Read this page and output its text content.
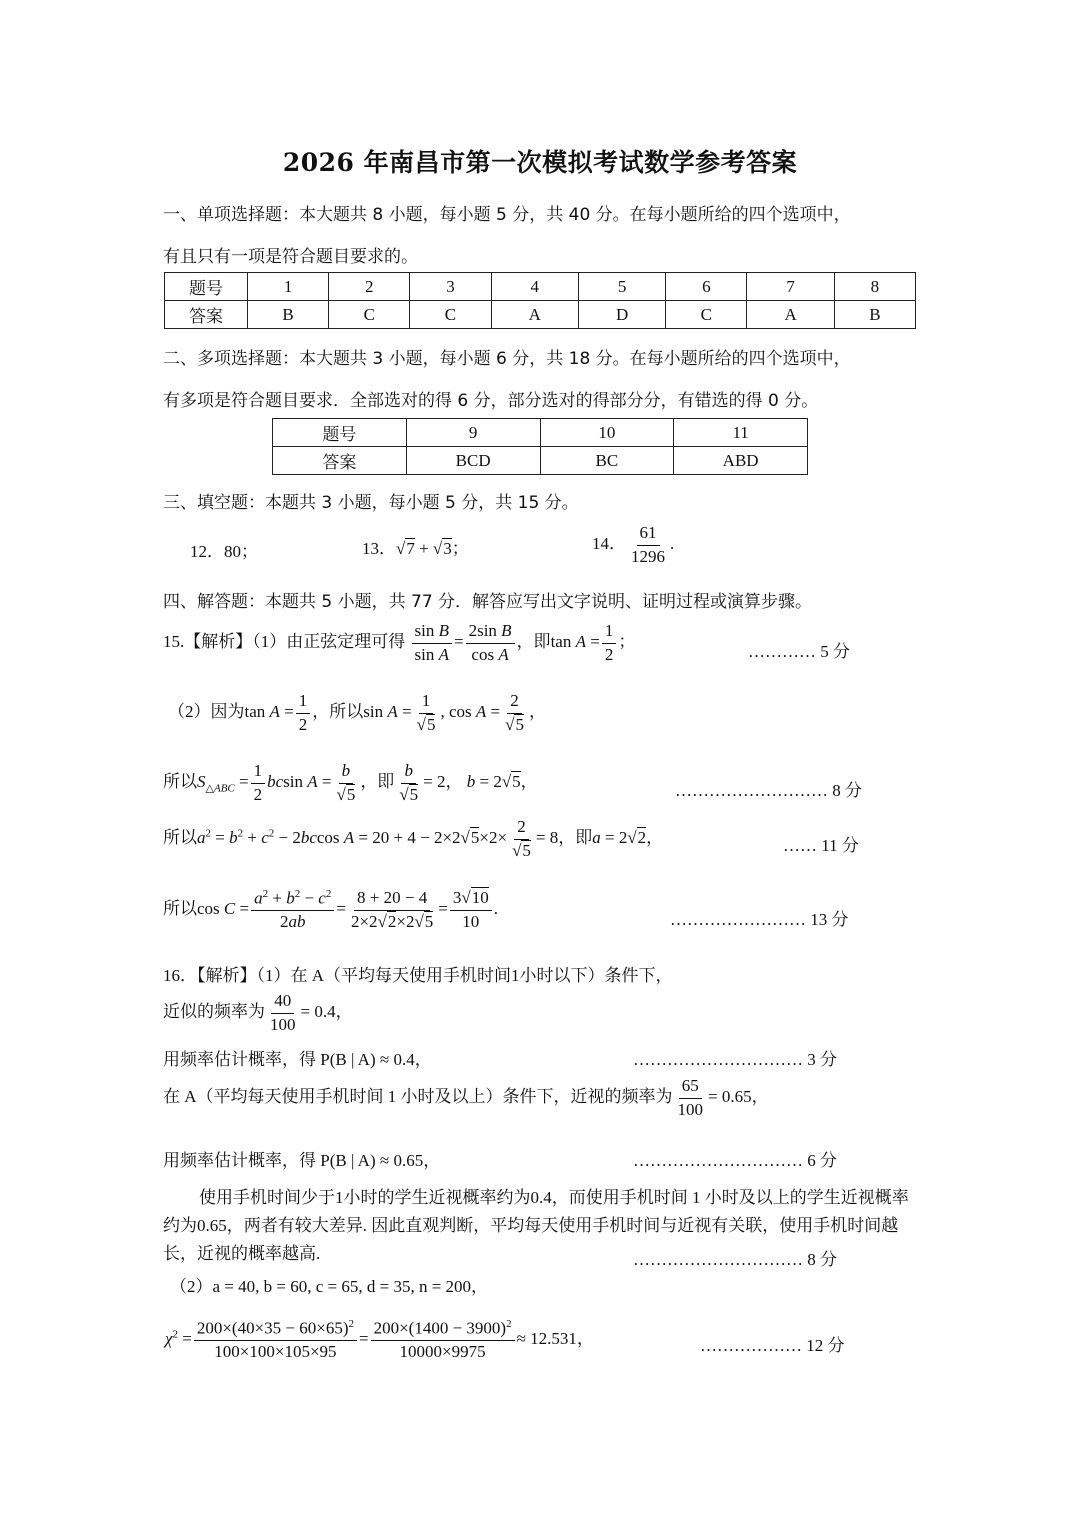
2026 年南昌市第一次模拟考试数学参考答案
一、单项选择题：本大题共 8 小题，每小题 5 分，共 40 分。在每小题所给的四个选项中，
有且只有一项是符合题目要求的。
题号	1	2	3	4	5	6	7	8
答案	B	C	C	A	D	C	A	B
二、多项选择题：本大题共 3 小题，每小题 6 分，共 18 分。在每小题所给的四个选项中，
有多项是符合题目要求．全部选对的得 6 分，部分选对的得部分分，有错选的得 0 分。
题号	9	10	11
答案	BCD	BC	ABD
三、填空题：本题共 3 小题，每小题 5 分，共 15 分。
12．80；	13．√7 + √3；	14． $\frac{61}{1296}$ .
四、解答题：本题共 5 小题，共 77 分．解答应写出文字说明、证明过程或演算步骤。
15.【解析】（1）由正弦定理可得 $\frac{\text{sin B}}{\text{sin A}} = \frac{\text{2sin B}}{\text{cos A}}$ ，即$\tan A = \frac{1}{2}$ ；
………… 5 分
（2）因为$\tan A = \frac{1}{2}$ ，所以$\sin A = \frac{1}{√5}$ , $\cos A = \frac{2}{√5}$ ，
所以$S_{\triangle ABC} = \frac{1}{2}$ bcsin $A = \frac{b}{√5}$ ，即 $\frac{b}{√5} = 2$， b = 2√5，	……………………… 8 分
所以$a^2 = b^2 + c^2 - 2bccos$ $A = 20 + 4 - 2\times 2√5\times 2\times \frac{2}{√5} = 8$，即a = 2√2，	…… 11 分
所以$\cos C = \frac{a^2 + b^2 - c^2}{2ab} = \frac{8 + 20 - 4}{2\times 2√2\times 2√5} = \frac{3√10}{10}$ .
…………………… 13 分
16．【解析】（1）在 A（平均每天使用手机时间1小时以下）条件下，
近似的频率为 $\frac{40}{100} = 0.4$，
用频率估计概率，得 P(B | A) ≈ 0.4，	………………………… 3 分
在 A（平均每天使用手机时间 1 小时及以上）条件下，近视的频率为 $\frac{65}{100} = 0.65$，
用频率估计概率，得 P(B | A) ≈ 0.65，	………………………… 6 分
使用手机时间少于1小时的学生近视概率约为0.4，而使用手机时间 1 小时及以上的学生近视概率约为0.65，两者有较大差异. 因此直观判断，平均每天使用手机时间与近视有关联，使用手机时间越长，近视的概率越高.	………………………… 8 分
（2）a = 40, b = 60, c = 65, d = 35, n = 200，
$\chi^2 = \frac{200\times(40\times 35 - 60\times 65)^2}{100\times 100\times 105\times 95} = \frac{200\times(1400 - 3900)^2}{10000\times 9975} \approx 12.531$，	……………… 12 分
